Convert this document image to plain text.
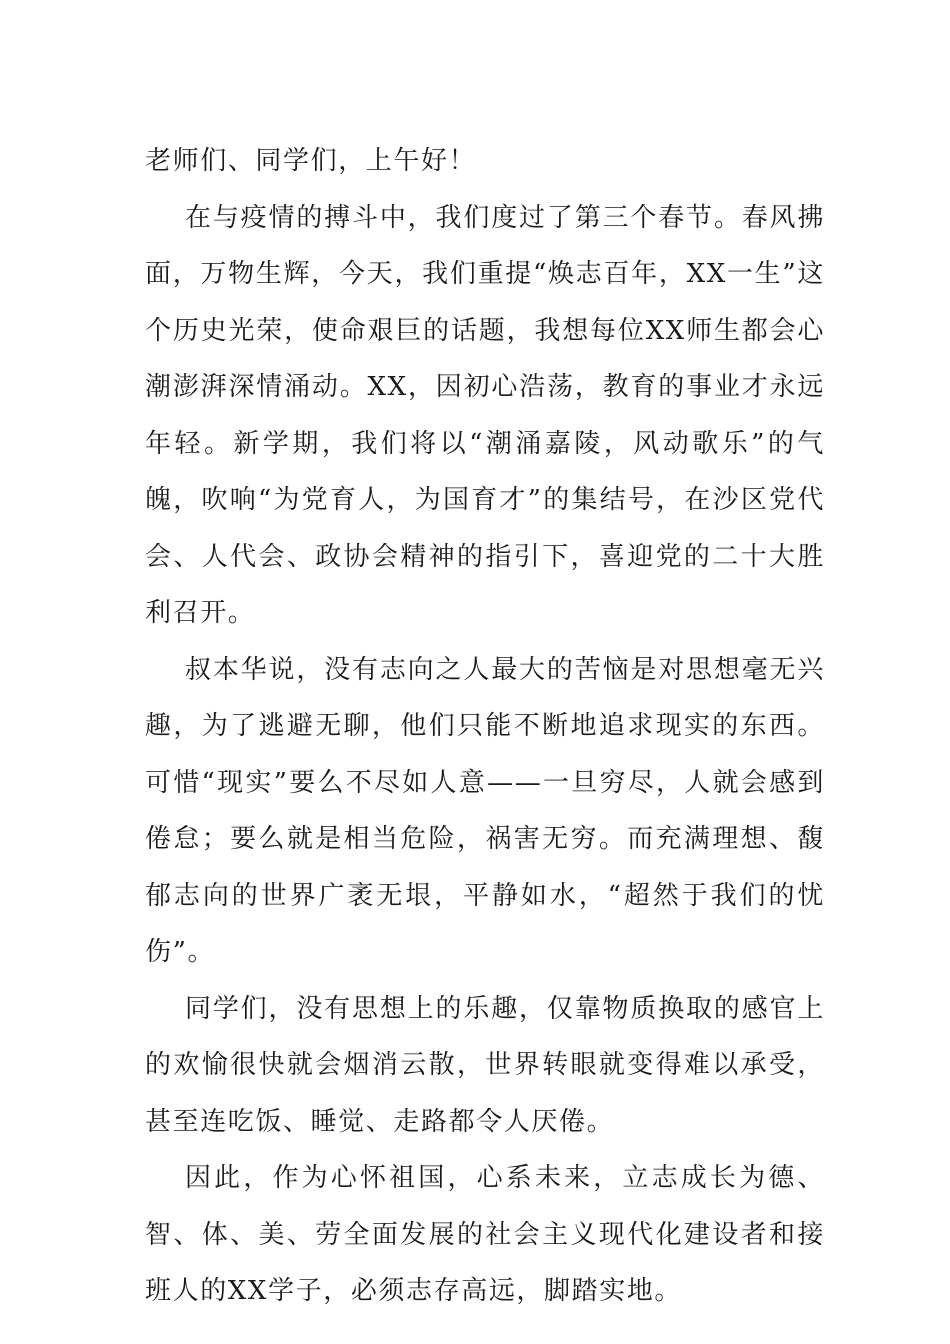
老师们、同学们，上午好！

在与疫情的搏斗中，我们度过了第三个春节。春风拂面，万物生辉，今天，我们重提“焕志百年，XX一生”这个历史光荣，使命艰巨的话题，我想每位XX师生都会心潮澎湃深情涌动。XX，因初心浩荡，教育的事业才永远年轻。新学期，我们将以“潮涌嘉陵，风动歌乐”的气魄，吹响“为党育人，为国育才”的集结号，在沙区党代会、人代会、政协会精神的指引下，喜迎党的二十大胜利召开。

叔本华说，没有志向之人最大的苦恼是对思想毫无兴趣，为了逃避无聊，他们只能不断地追求现实的东西。可惜“现实”要么不尽如人意——一旦穷尽，人就会感到倦怠；要么就是相当危险，祸害无穷。而充满理想、馥郁志向的世界广袤无垠，平静如水，“超然于我们的忧伤”。

同学们，没有思想上的乐趣，仅靠物质换取的感官上的欢愉很快就会烟消云散，世界转眼就变得难以承受，甚至连吃饭、睡觉、走路都令人厌倦。

因此，作为心怀祖国，心系未来，立志成长为德、智、体、美、劳全面发展的社会主义现代化建设者和接班人的XX学子，必须志存高远，脚踏实地。
